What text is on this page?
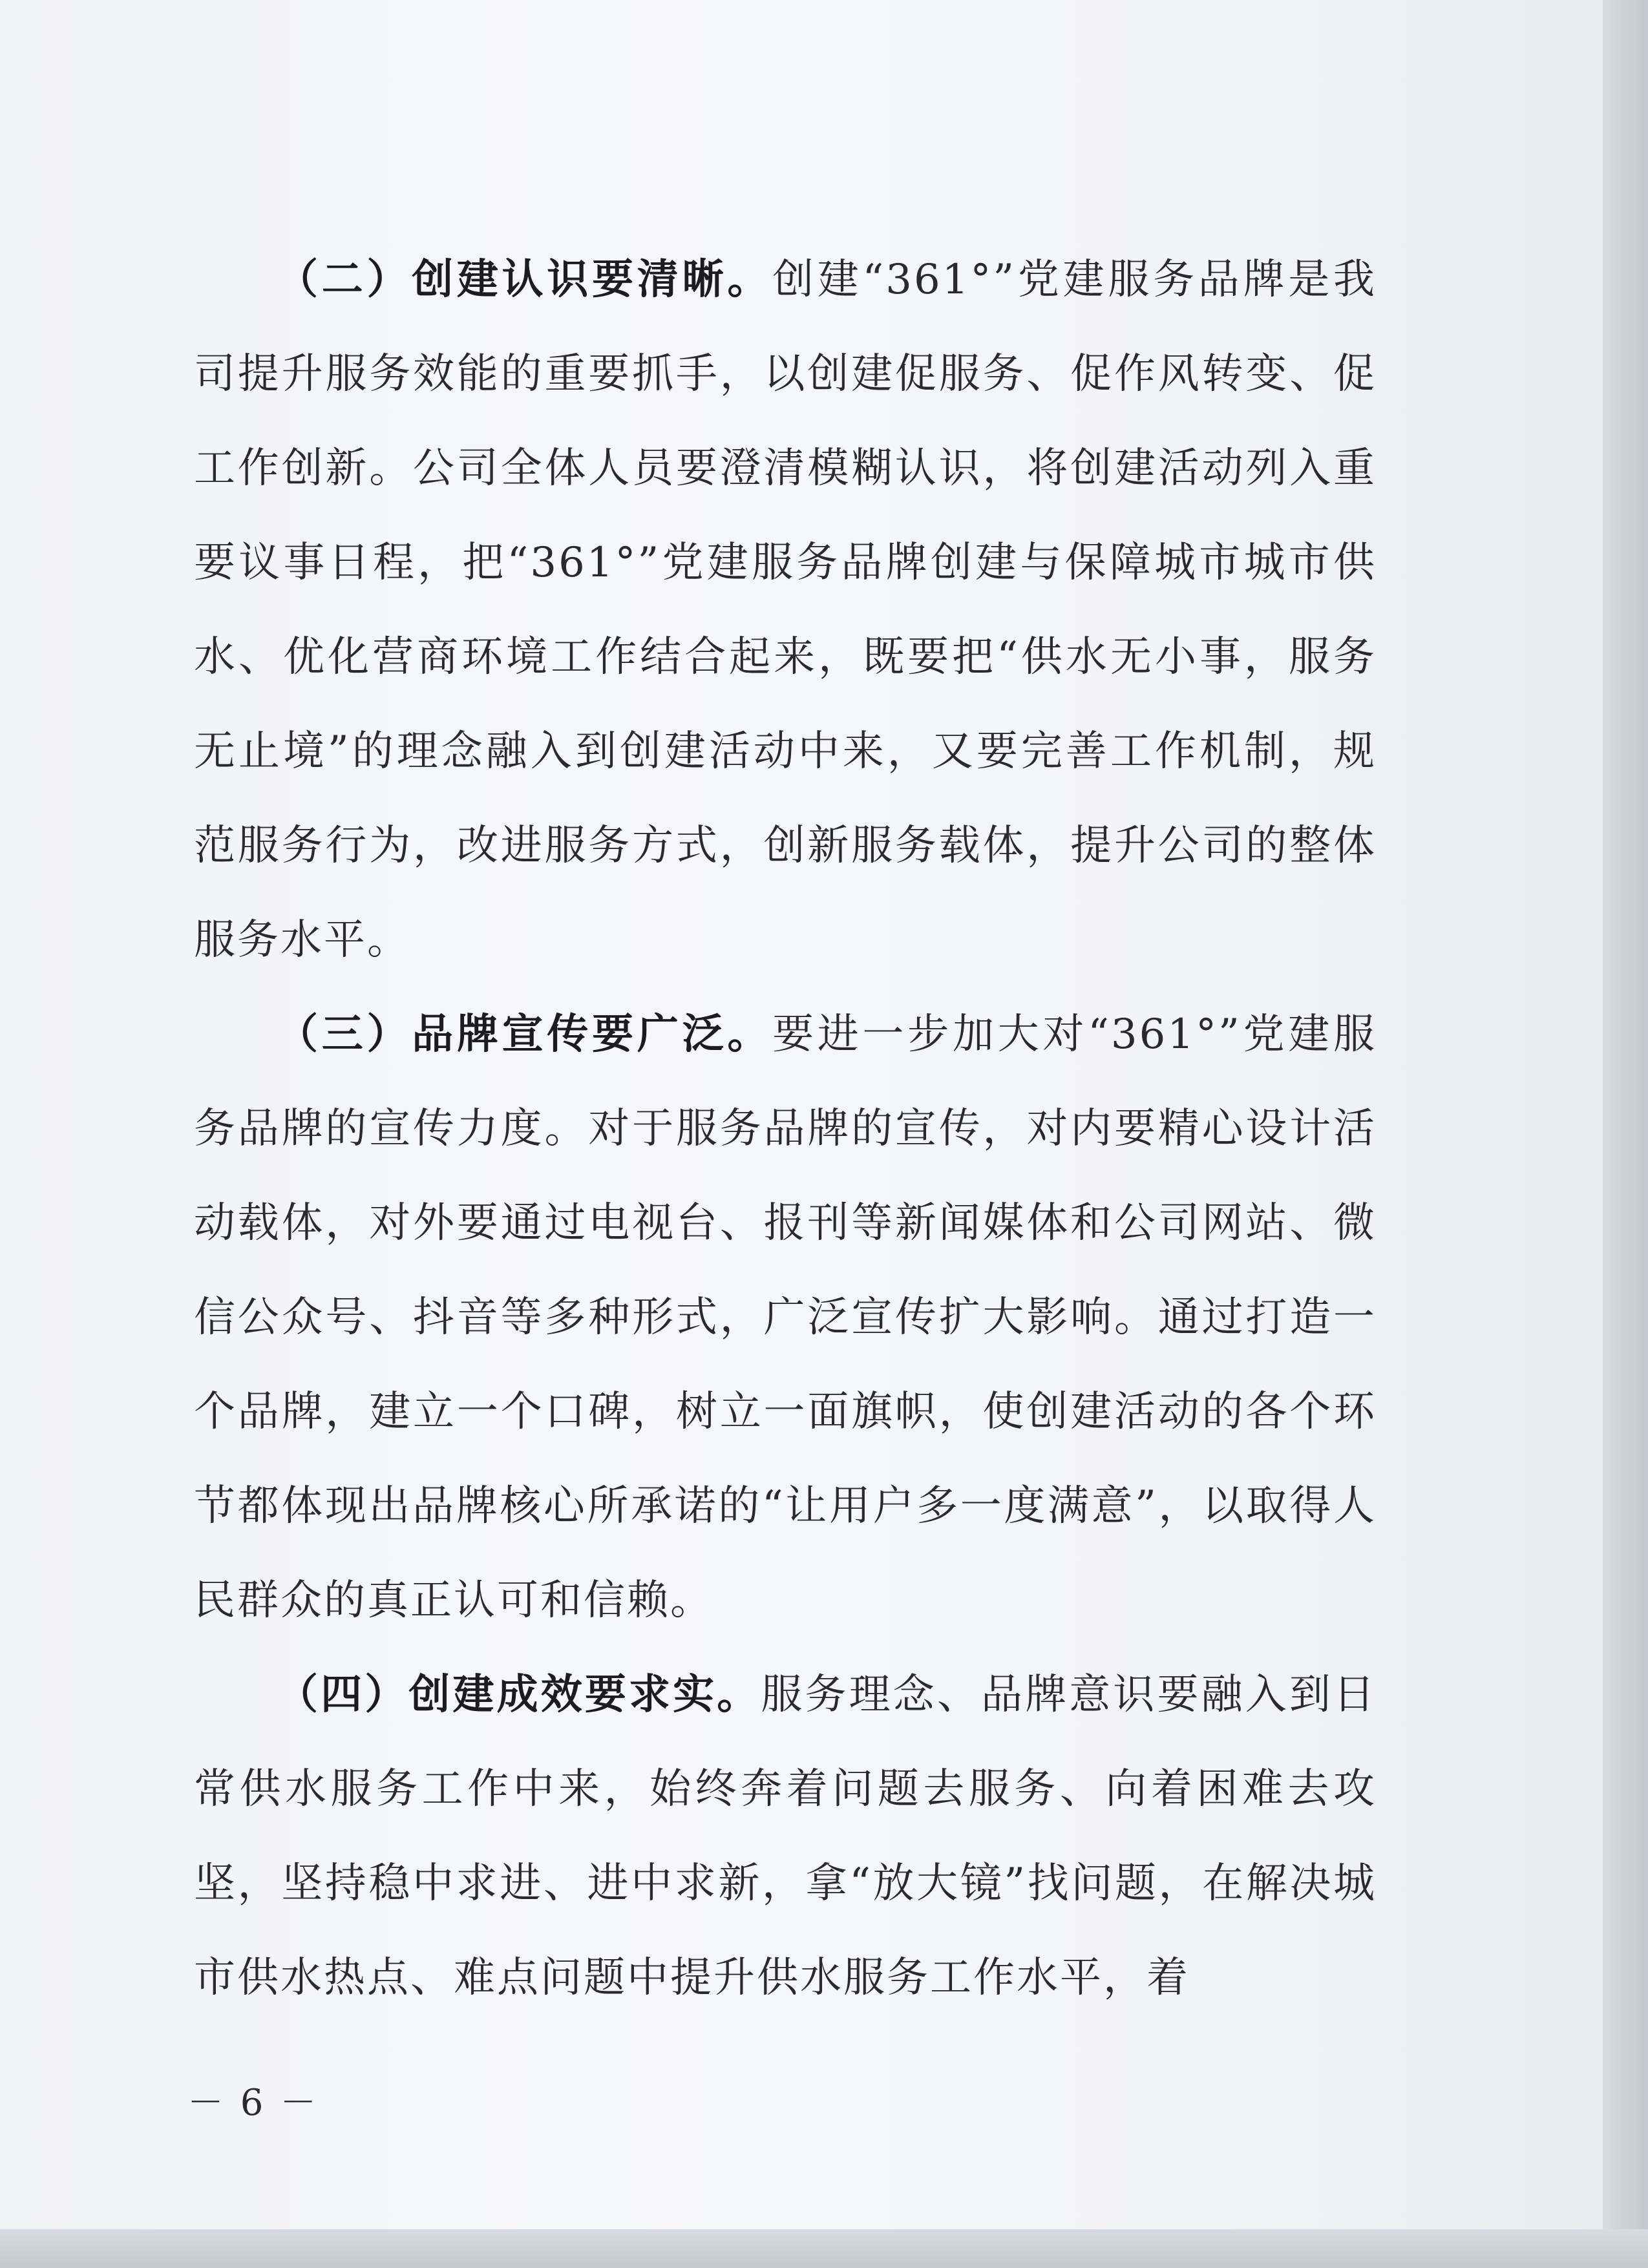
（二）创建认识要清晰。创建“361°”党建服务品牌是我司提升服务效能的重要抓手，以创建促服务、促作风转变、促工作创新。公司全体人员要澄清模糊认识，将创建活动列入重要议事日程，把“361°”党建服务品牌创建与保障城市城市供水、优化营商环境工作结合起来，既要把“供水无小事，服务无止境”的理念融入到创建活动中来，又要完善工作机制，规范服务行为，改进服务方式，创新服务载体，提升公司的整体服务水平。

（三）品牌宣传要广泛。要进一步加大对“361°”党建服务品牌的宣传力度。对于服务品牌的宣传，对内要精心设计活动载体，对外要通过电视台、报刊等新闻媒体和公司网站、微信公众号、抖音等多种形式，广泛宣传扩大影响。通过打造一个品牌，建立一个口碑，树立一面旗帜，使创建活动的各个环节都体现出品牌核心所承诺的“让用户多一度满意”，以取得人民群众的真正认可和信赖。

（四）创建成效要求实。服务理念、品牌意识要融入到日常供水服务工作中来，始终奔着问题去服务、向着困难去攻坚，坚持稳中求进、进中求新，拿“放大镜”找问题，在解决城市供水热点、难点问题中提升供水服务工作水平，着

－ 6 －
